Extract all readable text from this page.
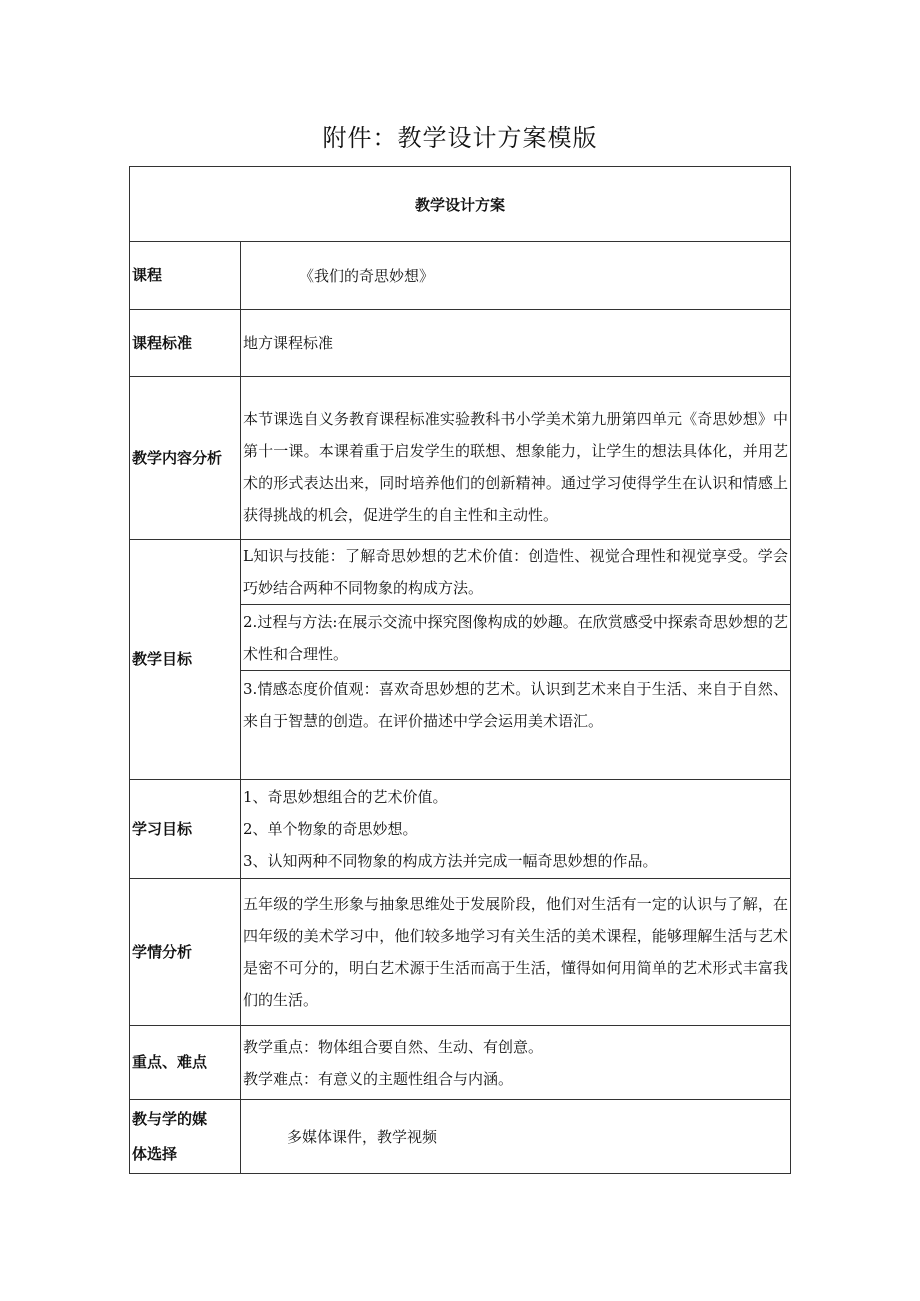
附件：教学设计方案模版
教学设计方案	
课程	《我们的奇思妙想》
课程标准	地方课程标准
教学内容分析	本节课选自义务教育课程标准实验教科书小学美术第九册第四单元《奇思妙想》中第十一课。本课着重于启发学生的联想、想象能力，让学生的想法具体化，并用艺术的形式表达出来，同时培养他们的创新精神。通过学习使得学生在认识和情感上获得挑战的机会，促进学生的自主性和主动性。
教学目标	L知识与技能：了解奇思妙想的艺术价值：创造性、视觉合理性和视觉享受。学会巧妙结合两种不同物象的构成方法。
	2.过程与方法:在展示交流中探究图像构成的妙趣。在欣赏感受中探索奇思妙想的艺术性和合理性。
	3.情感态度价值观：喜欢奇思妙想的艺术。认识到艺术来自于生活、来自于自然、来自于智慧的创造。在评价描述中学会运用美术语汇。
学习目标	1、奇思妙想组合的艺术价值。
2、单个物象的奇思妙想。
3、认知两种不同物象的构成方法并完成一幅奇思妙想的作品。

学情分析	五年级的学生形象与抽象思维处于发展阶段，他们对生活有一定的认识与了解，在四年级的美术学习中，他们较多地学习有关生活的美术课程，能够理解生活与艺术是密不可分的，明白艺术源于生活而高于生活，懂得如何用简单的艺术形式丰富我们的生活。
重点、难点	教学重点：物体组合要自然、生动、有创意。
教学难点：有意义的主题性组合与内涵。

教与学的媒
体选择	多媒体课件，教学视频
